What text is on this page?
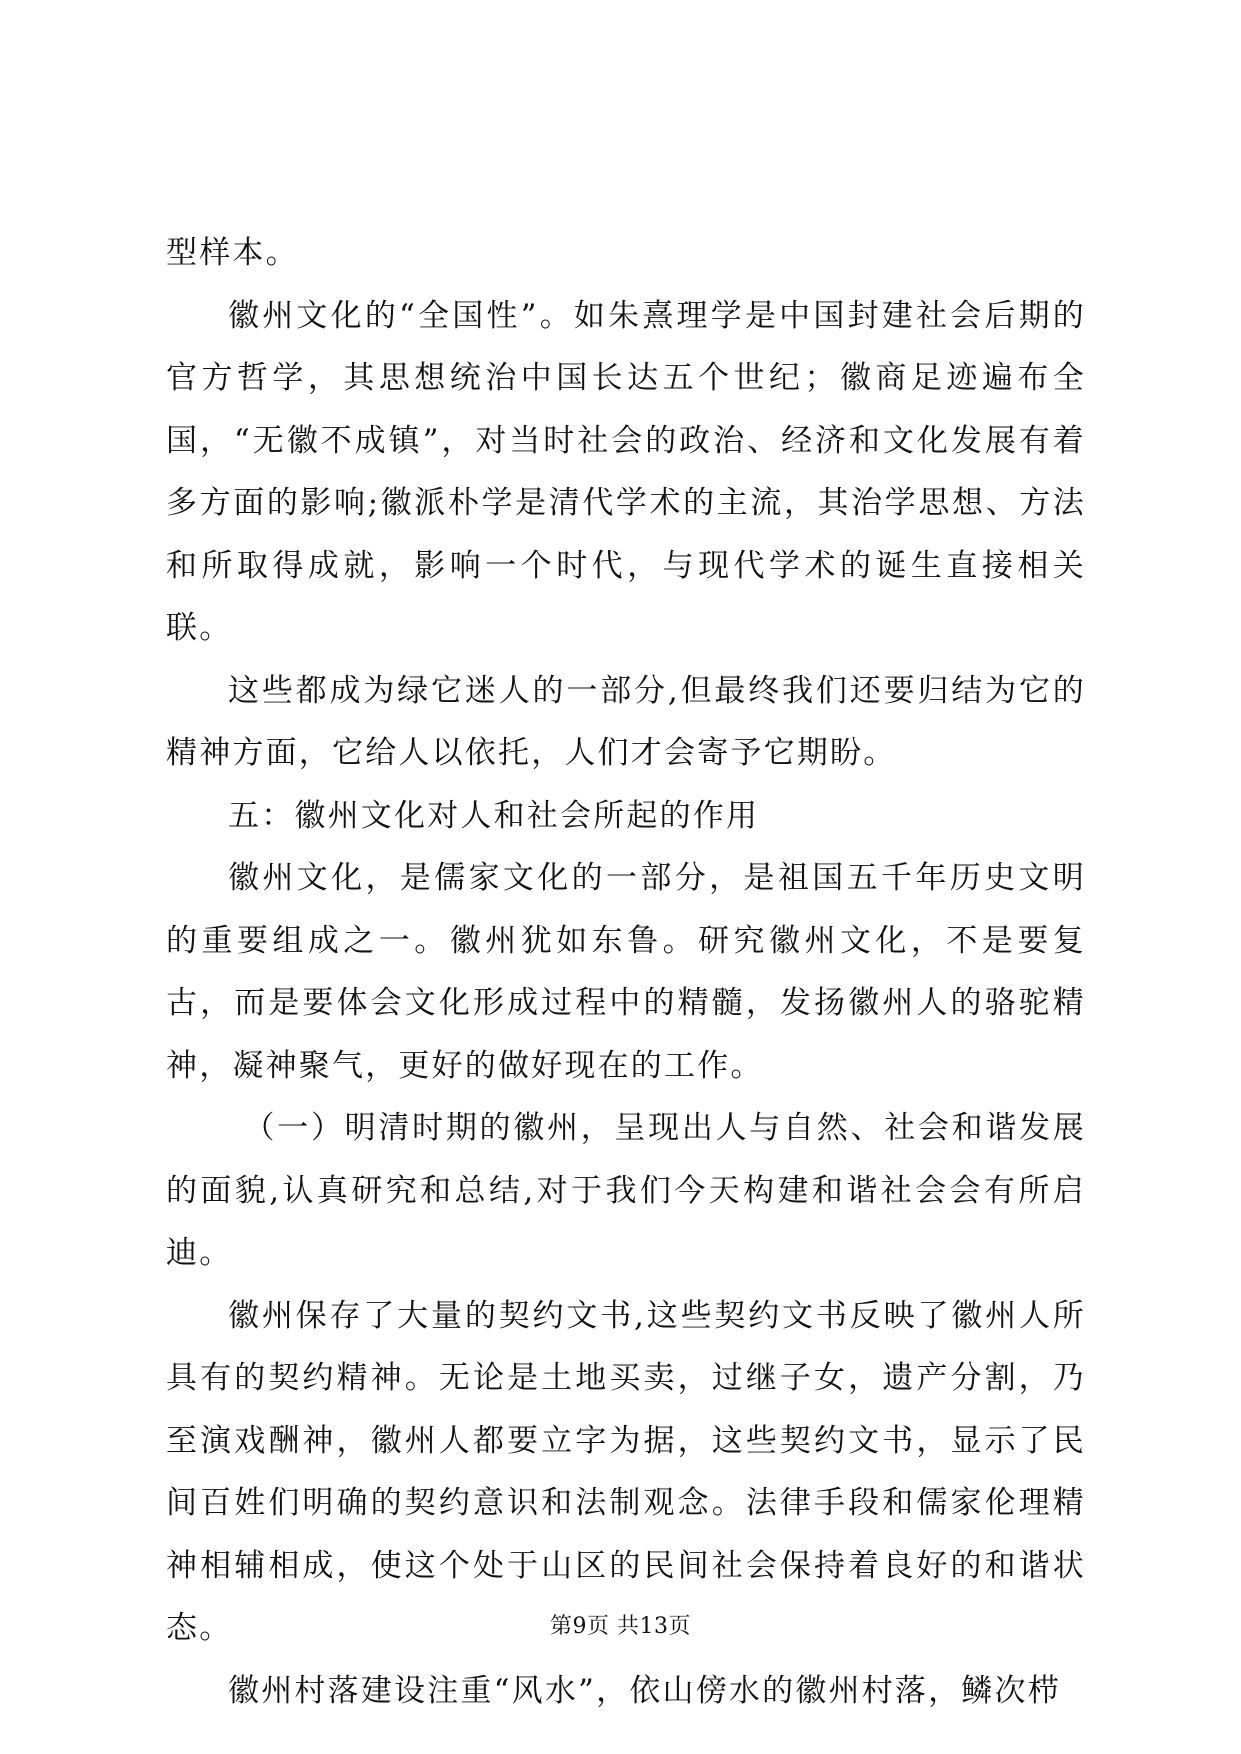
型样本。

徽州文化的“全国性”。如朱熹理学是中国封建社会后期的官方哲学，其思想统治中国长达五个世纪；徽商足迹遍布全国，“无徽不成镇”，对当时社会的政治、经济和文化发展有着多方面的影响;徽派朴学是清代学术的主流，其治学思想、方法和所取得成就，影响一个时代，与现代学术的诞生直接相关联。

这些都成为绿它迷人的一部分,但最终我们还要归结为它的精神方面，它给人以依托，人们才会寄予它期盼。

五：徽州文化对人和社会所起的作用

徽州文化，是儒家文化的一部分，是祖国五千年历史文明的重要组成之一。徽州犹如东鲁。研究徽州文化，不是要复古，而是要体会文化形成过程中的精髓，发扬徽州人的骆驼精神，凝神聚气，更好的做好现在的工作。

（一）明清时期的徽州，呈现出人与自然、社会和谐发展的面貌,认真研究和总结,对于我们今天构建和谐社会会有所启迪。

徽州保存了大量的契约文书,这些契约文书反映了徽州人所具有的契约精神。无论是土地买卖，过继子女，遗产分割，乃至演戏酬神，徽州人都要立字为据，这些契约文书，显示了民间百姓们明确的契约意识和法制观念。法律手段和儒家伦理精神相辅相成，使这个处于山区的民间社会保持着良好的和谐状态。

徽州村落建设注重“风水”，依山傍水的徽州村落，鳞次栉

第9页 共13页
